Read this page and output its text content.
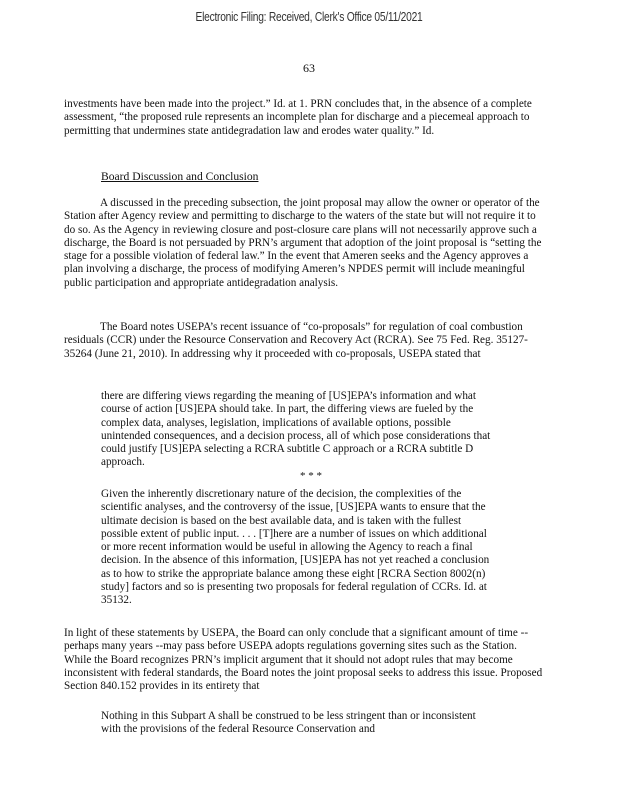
Electronic Filing: Received, Clerk's Office 05/11/2021
63

investments have been made into the project.” Id. at 1. PRN concludes that, in the absence of a complete assessment, “the proposed rule represents an incomplete plan for discharge and a piecemeal approach to permitting that undermines state antidegradation law and erodes water quality.” Id.

Board Discussion and Conclusion

A discussed in the preceding subsection, the joint proposal may allow the owner or operator of the Station after Agency review and permitting to discharge to the waters of the state but will not require it to do so. As the Agency in reviewing closure and post-closure care plans will not necessarily approve such a discharge, the Board is not persuaded by PRN’s argument that adoption of the joint proposal is “setting the stage for a possible violation of federal law.” In the event that Ameren seeks and the Agency approves a plan involving a discharge, the process of modifying Ameren’s NPDES permit will include meaningful public participation and appropriate antidegradation analysis.

The Board notes USEPA’s recent issuance of “co-proposals” for regulation of coal combustion residuals (CCR) under the Resource Conservation and Recovery Act (RCRA). See 75 Fed. Reg. 35127-35264 (June 21, 2010). In addressing why it proceeded with co-proposals, USEPA stated that

there are differing views regarding the meaning of [US]EPA’s information and what course of action [US]EPA should take. In part, the differing views are fueled by the complex data, analyses, legislation, implications of available options, possible unintended consequences, and a decision process, all of which pose considerations that could justify [US]EPA selecting a RCRA subtitle C approach or a RCRA subtitle D approach.

* * *

Given the inherently discretionary nature of the decision, the complexities of the scientific analyses, and the controversy of the issue, [US]EPA wants to ensure that the ultimate decision is based on the best available data, and is taken with the fullest possible extent of public input. . . . [T]here are a number of issues on which additional or more recent information would be useful in allowing the Agency to reach a final decision. In the absence of this information, [US]EPA has not yet reached a conclusion as to how to strike the appropriate balance among these eight [RCRA Section 8002(n) study] factors and so is presenting two proposals for federal regulation of CCRs. Id. at 35132.

In light of these statements by USEPA, the Board can only conclude that a significant amount of time -- perhaps many years --may pass before USEPA adopts regulations governing sites such as the Station. While the Board recognizes PRN’s implicit argument that it should not adopt rules that may become inconsistent with federal standards, the Board notes the joint proposal seeks to address this issue. Proposed Section 840.152 provides in its entirety that

Nothing in this Subpart A shall be construed to be less stringent than or inconsistent with the provisions of the federal Resource Conservation and
